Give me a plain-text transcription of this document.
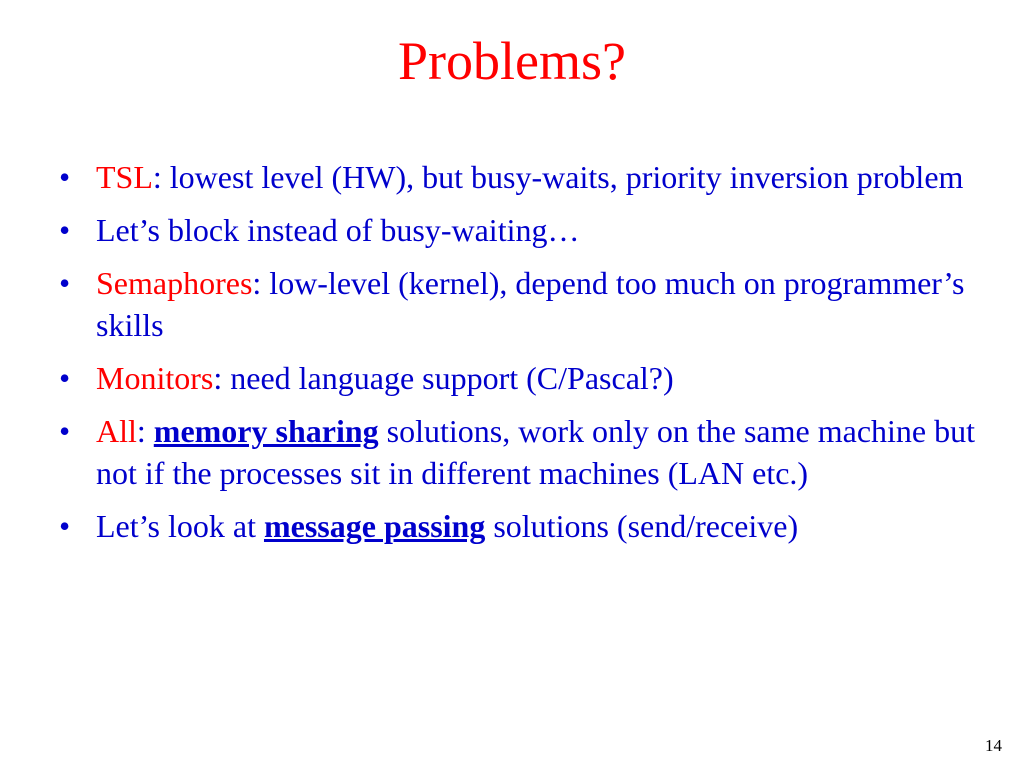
Problems?
• TSL: lowest level (HW), but busy-waits, priority inversion problem
• Let’s block instead of busy-waiting…
• Semaphores: low-level (kernel), depend too much on programmer’s skills
• Monitors: need language support (C/Pascal?)
• All: memory sharing solutions, work only on the same machine but not if the processes sit in different machines (LAN etc.)
• Let’s look at message passing solutions (send/receive)
14
